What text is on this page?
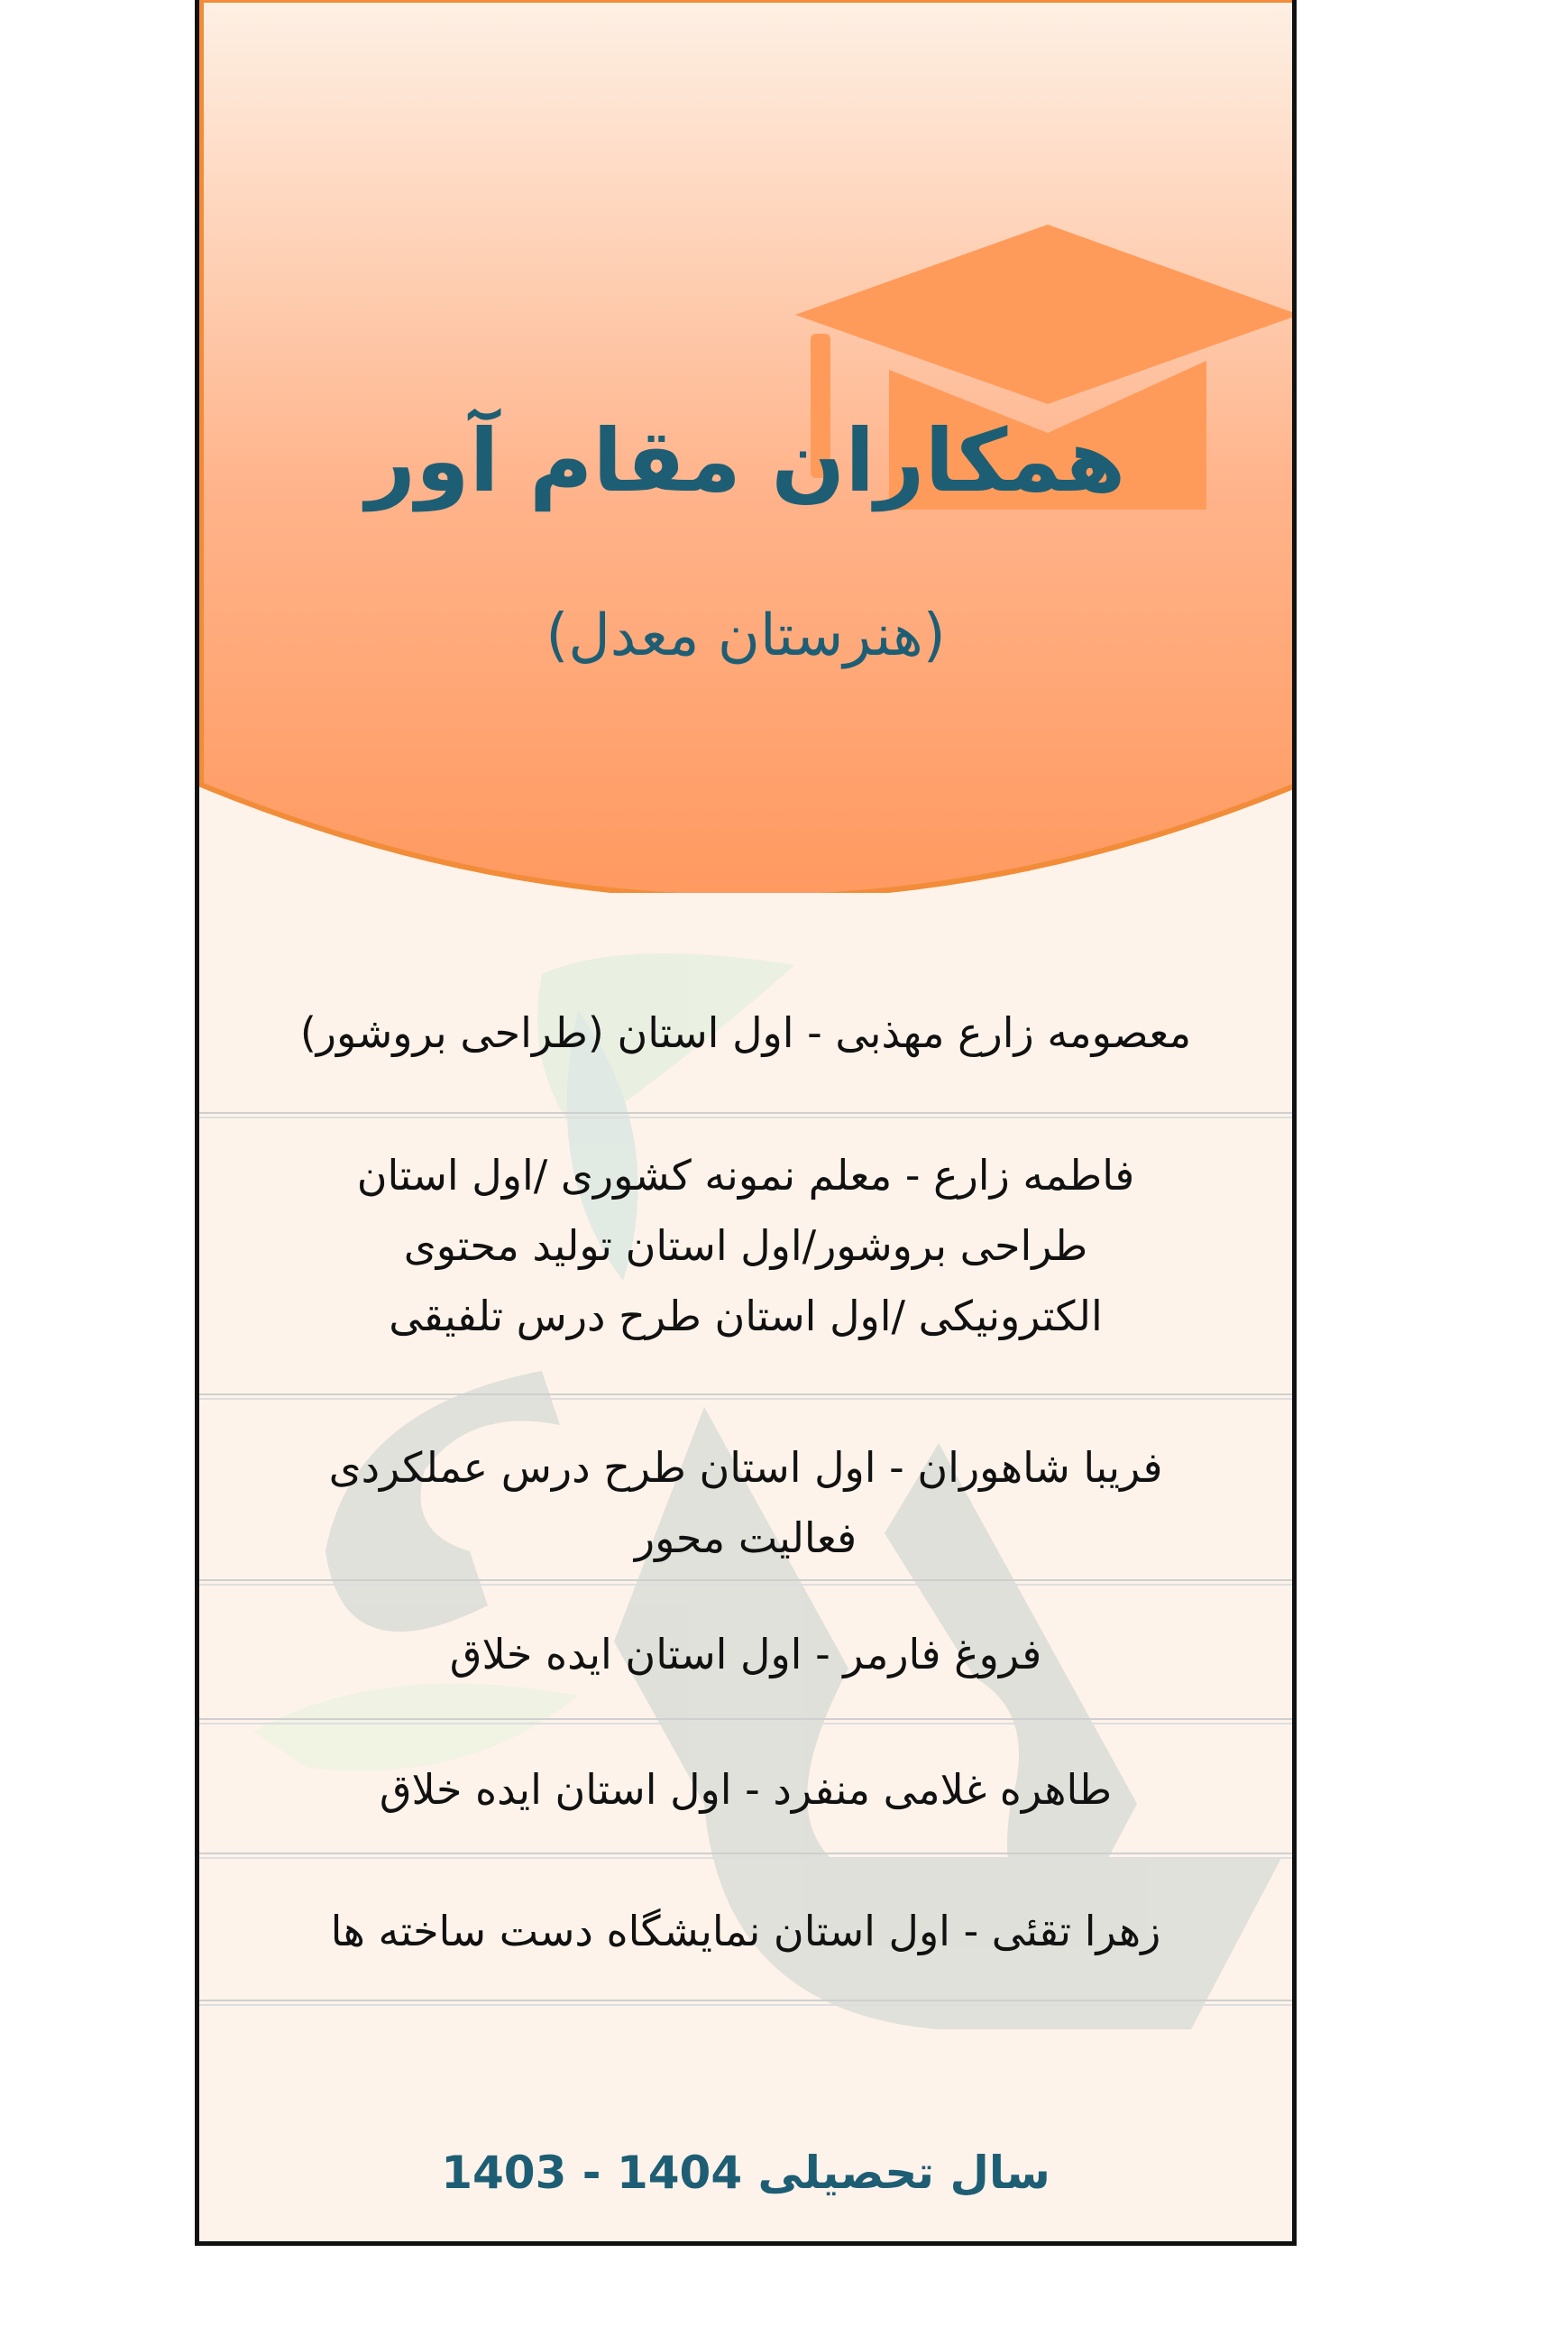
همکاران مقام آور
(هنرستان معدل)
معصومه زارع مهذبی - اول استان (طراحی بروشور)
فاطمه زارع - معلم نمونه کشوری /اول استان
طراحی بروشور/اول استان تولید محتوی
الکترونیکی /اول استان طرح درس تلفیقی
فریبا شاهوران - اول استان طرح درس عملکردی
فعالیت محور
فروغ فارمر - اول استان ایده خلاق
طاهره غلامی منفرد - اول استان ایده خلاق
زهرا تقئی - اول استان نمایشگاه دست ساخته ها
سال تحصیلی 1404 - 1403
